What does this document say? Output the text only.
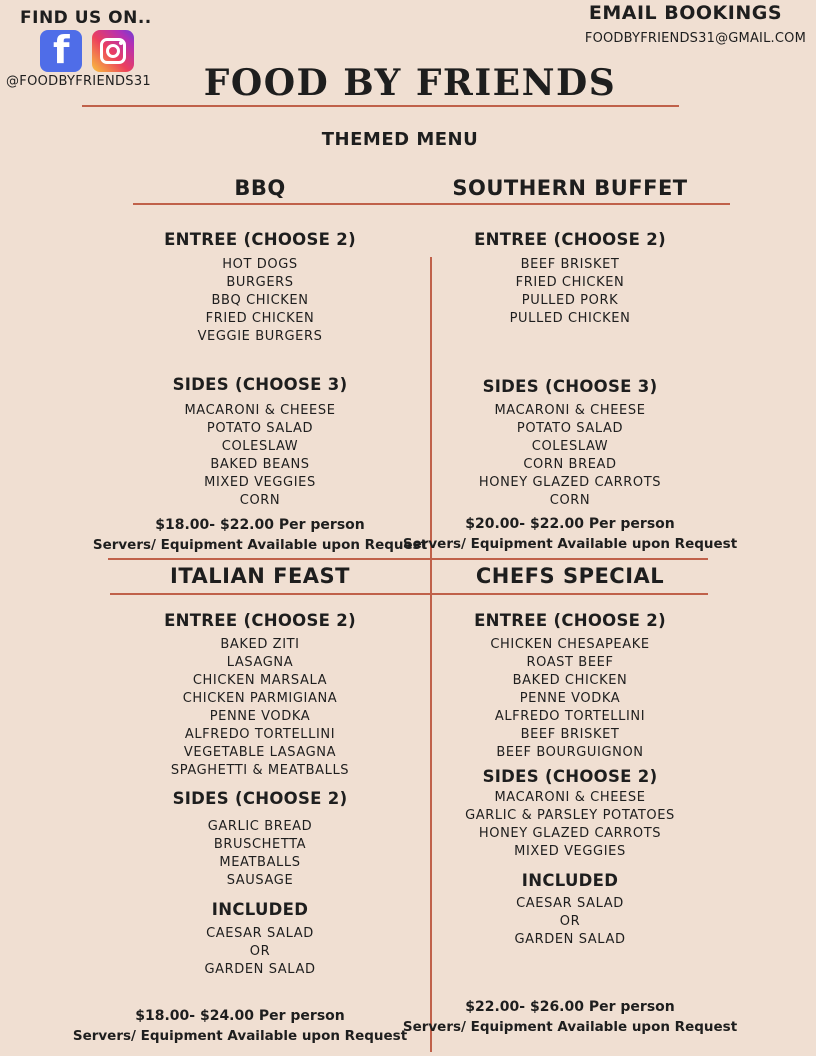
FIND US ON..
f
@FOODBYFRIENDS31
EMAIL BOOKINGS
FOODBYFRIENDS31@GMAIL.COM
FOOD BY FRIENDS
THEMED MENU
BBQ
ENTREE (CHOOSE 2)
HOT DOGS
BURGERS
BBQ CHICKEN
FRIED CHICKEN
VEGGIE BURGERS
SIDES (CHOOSE 3)
MACARONI & CHEESE
POTATO SALAD
COLESLAW
BAKED BEANS
MIXED VEGGIES
CORN
$18.00- $22.00 Per person
Servers/ Equipment Available upon Request
SOUTHERN BUFFET
ENTREE (CHOOSE 2)
BEEF BRISKET
FRIED CHICKEN
PULLED PORK
PULLED CHICKEN
SIDES (CHOOSE 3)
MACARONI & CHEESE
POTATO SALAD
COLESLAW
CORN BREAD
HONEY GLAZED CARROTS
CORN
$20.00- $22.00 Per person
Servers/ Equipment Available upon Request
ITALIAN FEAST
ENTREE (CHOOSE 2)
BAKED ZITI
LASAGNA
CHICKEN MARSALA
CHICKEN PARMIGIANA
PENNE VODKA
ALFREDO TORTELLINI
VEGETABLE LASAGNA
SPAGHETTI & MEATBALLS
SIDES (CHOOSE 2)
GARLIC BREAD
BRUSCHETTA
MEATBALLS
SAUSAGE
INCLUDED
CAESAR SALAD
OR
GARDEN SALAD
$18.00- $24.00 Per person
Servers/ Equipment Available upon Request
CHEFS SPECIAL
ENTREE (CHOOSE 2)
CHICKEN CHESAPEAKE
ROAST BEEF
BAKED CHICKEN
PENNE VODKA
ALFREDO TORTELLINI
BEEF BRISKET
BEEF BOURGUIGNON
SIDES (CHOOSE 2)
MACARONI & CHEESE
GARLIC & PARSLEY POTATOES
HONEY GLAZED CARROTS
MIXED VEGGIES
INCLUDED
CAESAR SALAD
OR
GARDEN SALAD
$22.00- $26.00 Per person
Servers/ Equipment Available upon Request
